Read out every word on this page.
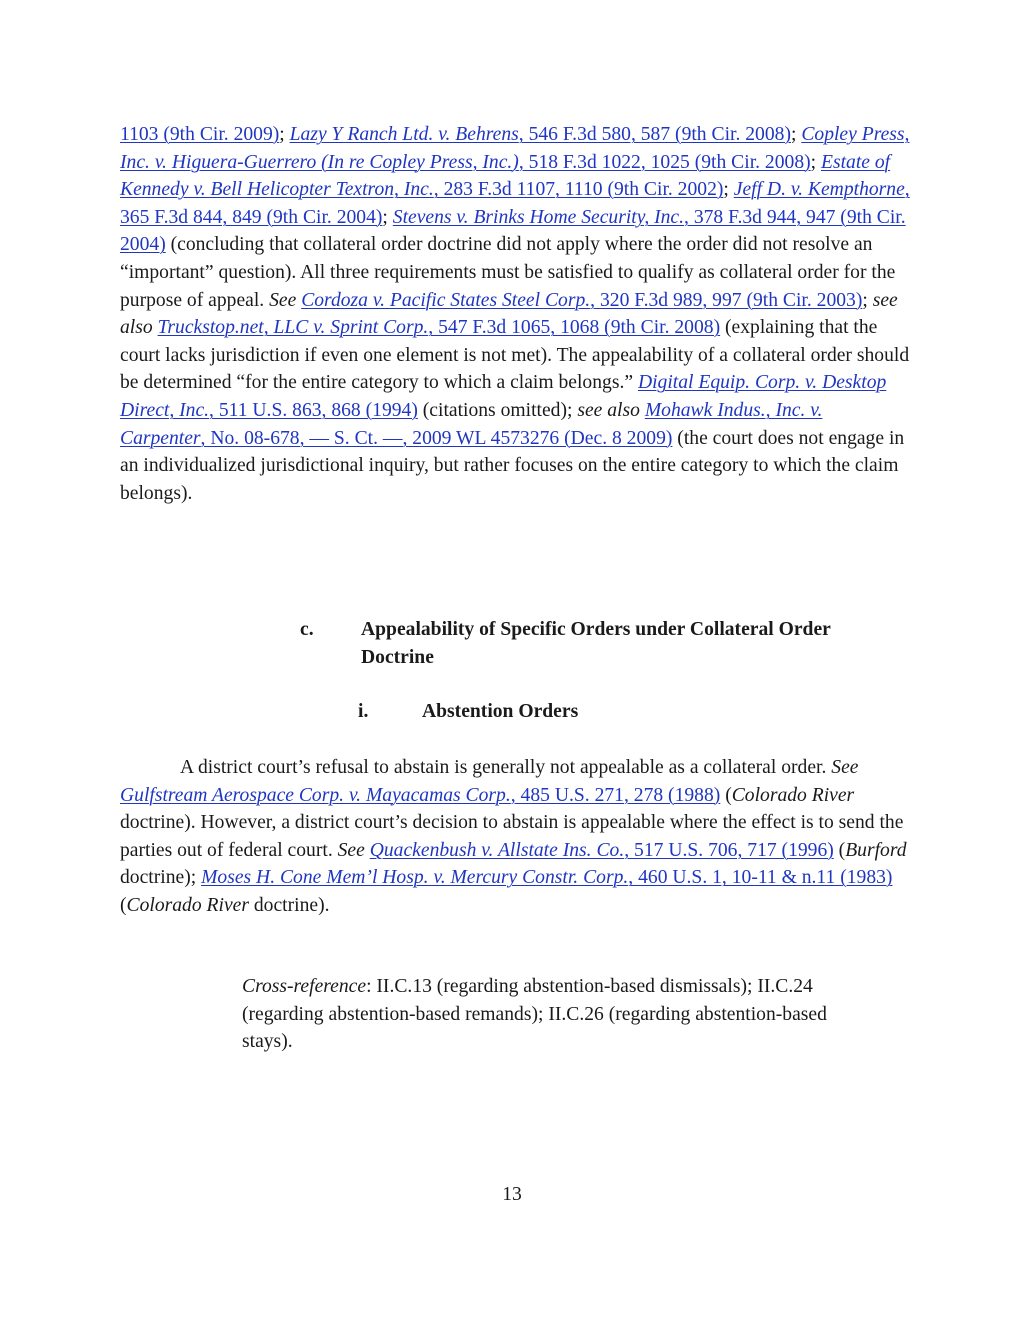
1103 (9th Cir. 2009); Lazy Y Ranch Ltd. v. Behrens, 546 F.3d 580, 587 (9th Cir. 2008); Copley Press, Inc. v. Higuera-Guerrero (In re Copley Press, Inc.), 518 F.3d 1022, 1025 (9th Cir. 2008); Estate of Kennedy v. Bell Helicopter Textron, Inc., 283 F.3d 1107, 1110 (9th Cir. 2002); Jeff D. v. Kempthorne, 365 F.3d 844, 849 (9th Cir. 2004); Stevens v. Brinks Home Security, Inc., 378 F.3d 944, 947 (9th Cir. 2004) (concluding that collateral order doctrine did not apply where the order did not resolve an “important” question). All three requirements must be satisfied to qualify as collateral order for the purpose of appeal. See Cordoza v. Pacific States Steel Corp., 320 F.3d 989, 997 (9th Cir. 2003); see also Truckstop.net, LLC v. Sprint Corp., 547 F.3d 1065, 1068 (9th Cir. 2008) (explaining that the court lacks jurisdiction if even one element is not met). The appealability of a collateral order should be determined “for the entire category to which a claim belongs.” Digital Equip. Corp. v. Desktop Direct, Inc., 511 U.S. 863, 868 (1994) (citations omitted); see also Mohawk Indus., Inc. v. Carpenter, No. 08-678, — S. Ct. —, 2009 WL 4573276 (Dec. 8 2009) (the court does not engage in an individualized jurisdictional inquiry, but rather focuses on the entire category to which the claim belongs).

c. Appealability of Specific Orders under Collateral Order Doctrine
i.	Abstention Orders

A district court’s refusal to abstain is generally not appealable as a collateral order. See Gulfstream Aerospace Corp. v. Mayacamas Corp., 485 U.S. 271, 278 (1988) (Colorado River doctrine). However, a district court’s decision to abstain is appealable where the effect is to send the parties out of federal court. See Quackenbush v. Allstate Ins. Co., 517 U.S. 706, 717 (1996) (Burford doctrine); Moses H. Cone Mem’l Hosp. v. Mercury Constr. Corp., 460 U.S. 1, 10-11 & n.11 (1983) (Colorado River doctrine).

Cross-reference: II.C.13 (regarding abstention-based dismissals); II.C.24 (regarding abstention-based remands); II.C.26 (regarding abstention-based stays).

13
